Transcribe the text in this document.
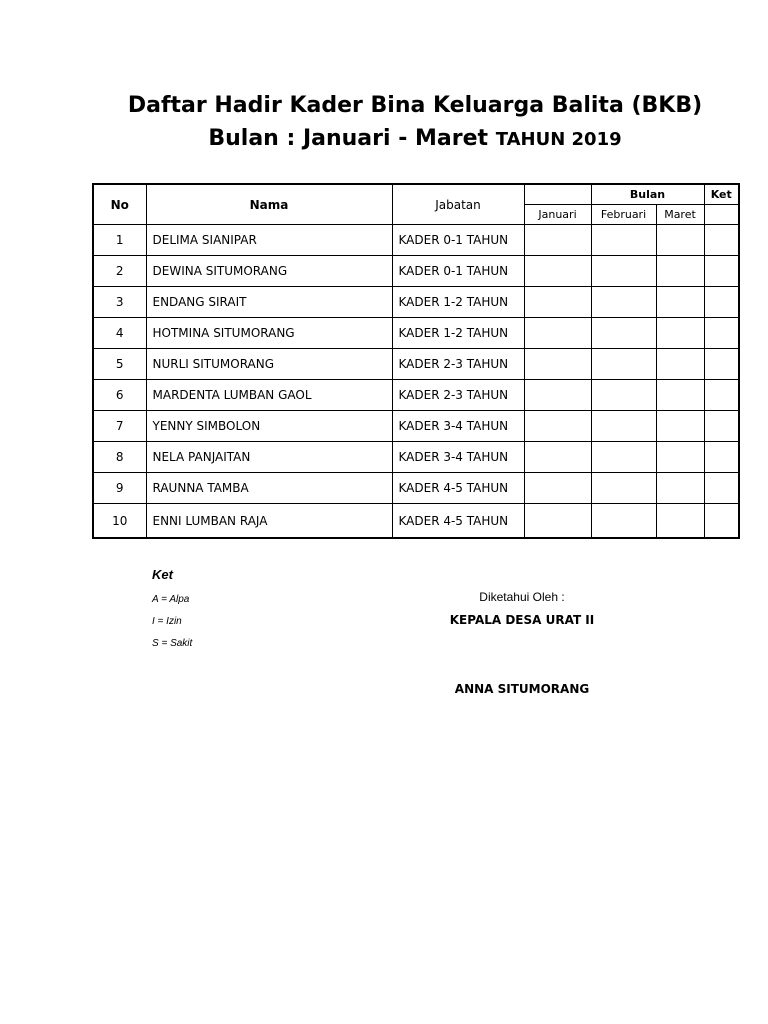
Daftar Hadir Kader Bina Keluarga Balita (BKB)
Bulan : Januari - Maret TAHUN 2019
No	Nama	Jabatan		Bulan		Ket
			Januari	Februari	Maret	
1	DELIMA SIANIPAR	KADER 0-1 TAHUN				
2	DEWINA SITUMORANG	KADER 0-1 TAHUN				
3	ENDANG SIRAIT	KADER 1-2 TAHUN				
4	HOTMINA SITUMORANG	KADER 1-2 TAHUN				
5	NURLI SITUMORANG	KADER 2-3 TAHUN				
6	MARDENTA LUMBAN GAOL	KADER 2-3 TAHUN				
7	YENNY SIMBOLON	KADER 3-4 TAHUN				
8	NELA PANJAITAN	KADER 3-4 TAHUN				
9	RAUNNA TAMBA	KADER 4-5 TAHUN				
10	ENNI LUMBAN RAJA	KADER 4-5 TAHUN				
Ket
A = Alpa
I = Izin
S = Sakit
Diketahui Oleh :
KEPALA DESA URAT II
ANNA SITUMORANG
